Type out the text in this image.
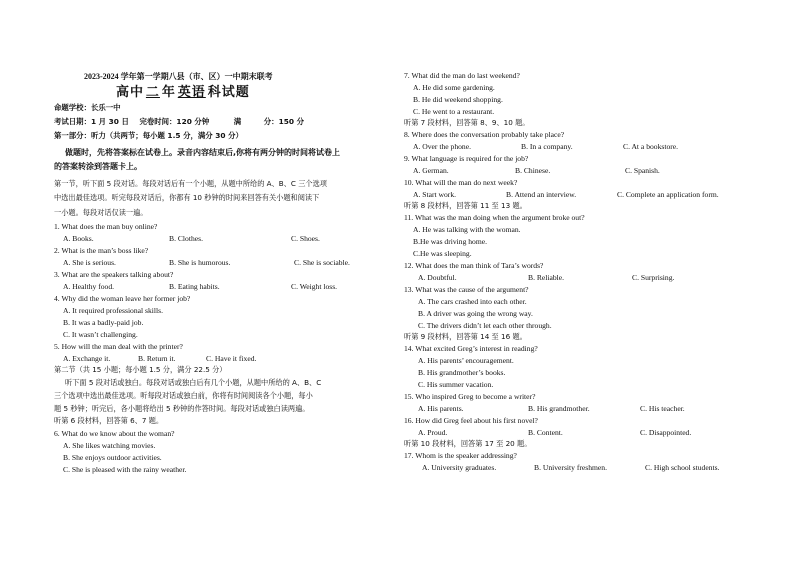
2023-2024 学年第一学期八县（市、区）一中期末联考
高中 二 年 英语 科试题
命题学校：长乐一中
考试日期：1 月 30 日 完卷时间：120 分钟	满	分：150 分
第一部分：听力（共两节；每小题 1.5 分，满分 30 分）
做题时，先将答案标在试卷上。录音内容结束后,你将有两分钟的时间将试卷上
的答案转涂到答题卡上。
第一节，听下面 5 段对话。每段对话后有一个小题，从题中所给的 A、B、C 三个选项
中选出最佳选项。听完每段对话后，你都有 10 秒钟的时间来回答有关小题和阅读下
一小题。每段对话仅读一遍。
1. What does the man buy online?
A. Books.	B. Clothes.	C. Shoes.
2. What is the man’s boss like?
A. She is serious.	B. She is humorous.	C. She is sociable.
3. What are the speakers talking about?
A. Healthy food.	B. Eating habits.	C. Weight loss.
4. Why did the woman leave her former job?
A. It required professional skills.
B. It was a badly-paid job.
C. It wasn’t challenging.
5. How will the man deal with the printer?
A. Exchange it.	B. Return it.	C. Have it fixed.
第二节（共 15 小题；每小题 1.5 分，满分 22.5 分）
听下面 5 段对话或独白。每段对话或独白后有几个小题，从题中所给的 A、B、C
三个选项中选出最佳选项。听每段对话或独白前，你将有时间阅读各个小题，每小
题 5 秒钟；听完后，各小题将给出 5 秒钟的作答时间。每段对话或独白读两遍。
听第 6 段材料，回答第 6、7 题。
6. What do we know about the woman?
A. She likes watching movies.
B. She enjoys outdoor activities.
C. She is pleased with the rainy weather.
7. What did the man do last weekend?
A. He did some gardening.
B. He did weekend shopping.
C. He went to a restaurant.
听第 7 段材料，回答第 8、9、10 题。
8. Where does the conversation probably take place?
A. Over the phone.	B. In a company.	C. At a bookstore.
9. What language is required for the job?
A. German.	B. Chinese.	C. Spanish.
10. What will the man do next week?
A. Start work.	B. Attend an interview.	C. Complete an application form.
听第 8 段材料，回答第 11 至 13 题。
11. What was the man doing when the argument broke out?
A. He was talking with the woman.
B.He was driving home.
C.He was sleeping.
12. What does the man think of Tara’s words?
A. Doubtful.	B. Reliable.	C. Surprising.
13. What was the cause of the argument?
A. The cars crashed into each other.
B. A driver was going the wrong way.
C. The drivers didn’t let each other through.
听第 9 段材料，回答第 14 至 16 题。
14. What excited Greg’s interest in reading?
A. His parents’ encouragement.
B. His grandmother’s books.
C. His summer vacation.
15. Who inspired Greg to become a writer?
A. His parents.	B. His grandmother.	C. His teacher.
16. How did Greg feel about his first novel?
A. Proud.	B. Content.	C. Disappointed.
听第 10 段材料，回答第 17 至 20 题。
17. Whom is the speaker addressing?
A. University graduates.	B. University freshmen.	C. High school students.
